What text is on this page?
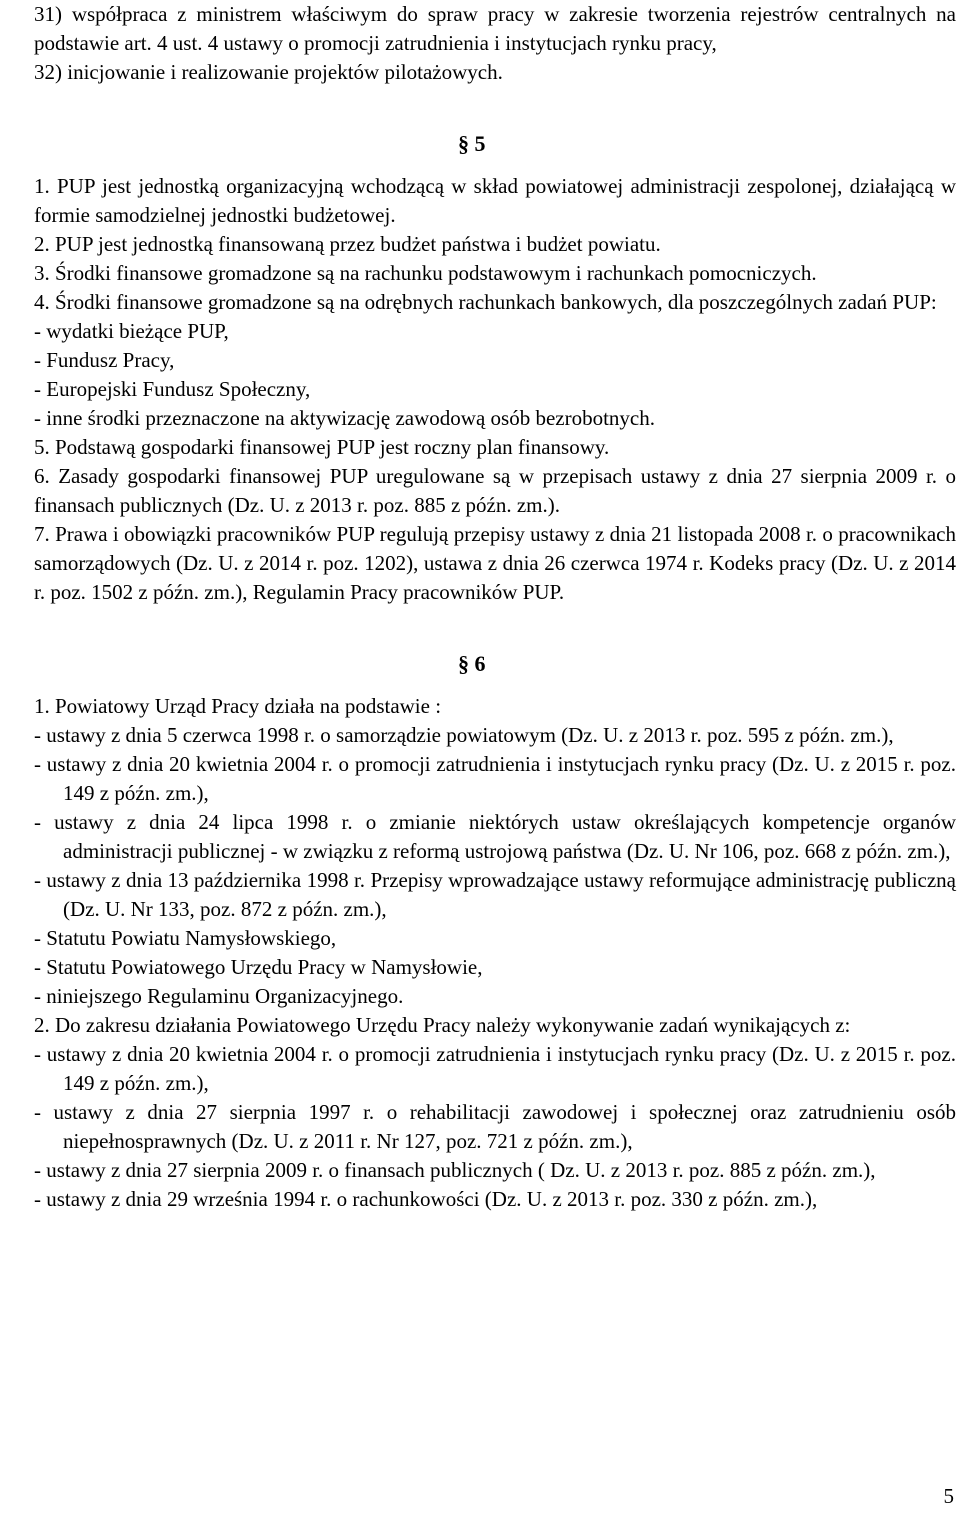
31) współpraca z ministrem właściwym do spraw pracy w zakresie tworzenia rejestrów centralnych na podstawie art. 4 ust. 4 ustawy o promocji zatrudnienia i instytucjach rynku pracy,

32) inicjowanie i realizowanie projektów pilotażowych.

§ 5

1. PUP jest jednostką organizacyjną wchodzącą w skład powiatowej administracji zespolonej, działającą w formie samodzielnej jednostki budżetowej.

2. PUP jest jednostką finansowaną przez budżet państwa i budżet powiatu.

3. Środki finansowe gromadzone są na rachunku podstawowym i rachunkach pomocniczych.

4. Środki finansowe gromadzone są na odrębnych rachunkach bankowych, dla poszczególnych zadań PUP:

- wydatki bieżące PUP,

- Fundusz Pracy,

- Europejski Fundusz Społeczny,

- inne środki przeznaczone na aktywizację zawodową osób bezrobotnych.

5. Podstawą gospodarki finansowej PUP jest roczny plan finansowy.

6. Zasady gospodarki finansowej PUP uregulowane są w przepisach ustawy z dnia 27 sierpnia 2009 r. o finansach publicznych (Dz. U. z 2013 r. poz. 885 z późn. zm.).

7. Prawa i obowiązki pracowników PUP regulują przepisy ustawy z dnia 21 listopada 2008 r. o pracownikach samorządowych (Dz. U. z 2014 r. poz. 1202), ustawa z dnia 26 czerwca 1974 r. Kodeks pracy (Dz. U. z 2014 r. poz. 1502 z późn. zm.), Regulamin Pracy pracowników PUP.

§ 6

1. Powiatowy Urząd Pracy działa na podstawie :

- ustawy z dnia 5 czerwca 1998 r. o samorządzie powiatowym (Dz. U. z 2013 r. poz. 595 z późn. zm.),

- ustawy z dnia 20 kwietnia 2004 r. o promocji zatrudnienia i instytucjach rynku pracy (Dz. U. z 2015 r. poz. 149 z późn. zm.),

- ustawy z dnia 24 lipca 1998 r. o zmianie niektórych ustaw określających kompetencje organów administracji publicznej - w związku z reformą ustrojową państwa (Dz. U. Nr 106, poz. 668 z późn. zm.),

- ustawy z dnia 13 października 1998 r. Przepisy wprowadzające ustawy reformujące administrację publiczną (Dz. U. Nr 133, poz. 872 z późn. zm.),

- Statutu Powiatu Namysłowskiego,

- Statutu Powiatowego Urzędu Pracy w Namysłowie,

- niniejszego Regulaminu Organizacyjnego.

2. Do zakresu działania Powiatowego Urzędu Pracy należy wykonywanie zadań wynikających z:

- ustawy z dnia 20 kwietnia 2004 r. o promocji zatrudnienia i instytucjach rynku pracy (Dz. U. z 2015 r. poz. 149 z późn. zm.),

- ustawy z dnia 27 sierpnia 1997 r. o rehabilitacji zawodowej i społecznej oraz zatrudnieniu osób niepełnosprawnych (Dz. U. z 2011 r. Nr 127, poz. 721 z późn. zm.),

- ustawy z dnia 27 sierpnia 2009 r. o finansach publicznych ( Dz. U. z 2013 r. poz. 885 z późn. zm.),

- ustawy z dnia 29 września 1994 r. o rachunkowości (Dz. U. z 2013 r. poz. 330 z późn. zm.),

5
